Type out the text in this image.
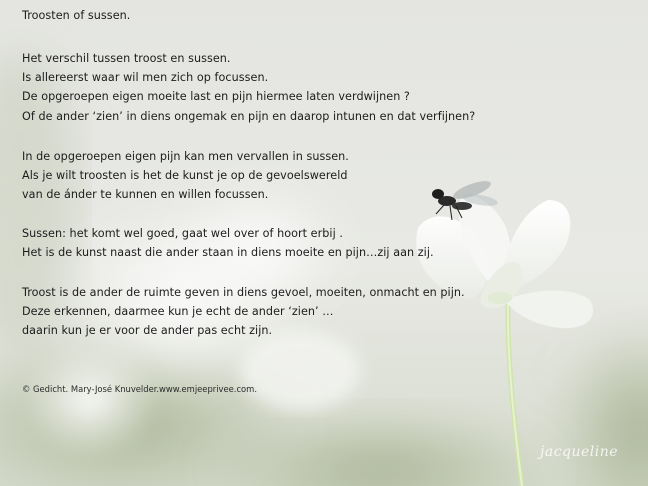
Troosten of sussen.
Het verschil tussen troost en sussen.
Is allereerst waar wil men zich op focussen.
De opgeroepen eigen moeite last en pijn hiermee laten verdwijnen ?
Of de ander ‘zien’ in diens ongemak en pijn en daarop intunen en dat verfijnen?
In de opgeroepen eigen pijn kan men vervallen in sussen.
Als je wilt troosten is het de kunst je op de gevoelswereld
van de ánder te kunnen en willen focussen.
Sussen: het komt wel goed, gaat wel over of hoort erbij .
Het is de kunst naast die ander staan in diens moeite en pijn…zij aan zij.
Troost is de ander de ruimte geven in diens gevoel, moeiten, onmacht en pijn.
Deze erkennen, daarmee kun je echt de ander ‘zien’ …
daarin kun je er voor de ander pas echt zijn.
© Gedicht. Mary-José Knuvelder.www.emjeeprivee.com.
jacqueline
